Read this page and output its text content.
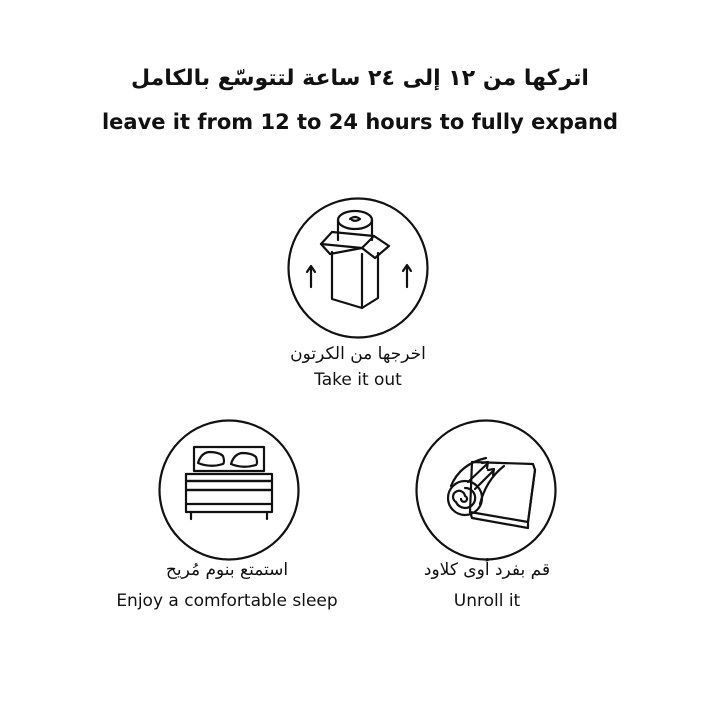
اتركها من ١٢ إلى ٢٤ ساعة لتتوسّع بالكامل
leave it from 12 to 24 hours to fully expand
اخرجها من الكرتون
Take it out
استمتع بنوم مُريح
Enjoy a comfortable sleep
قم بفرد أوى كلاود
Unroll it
